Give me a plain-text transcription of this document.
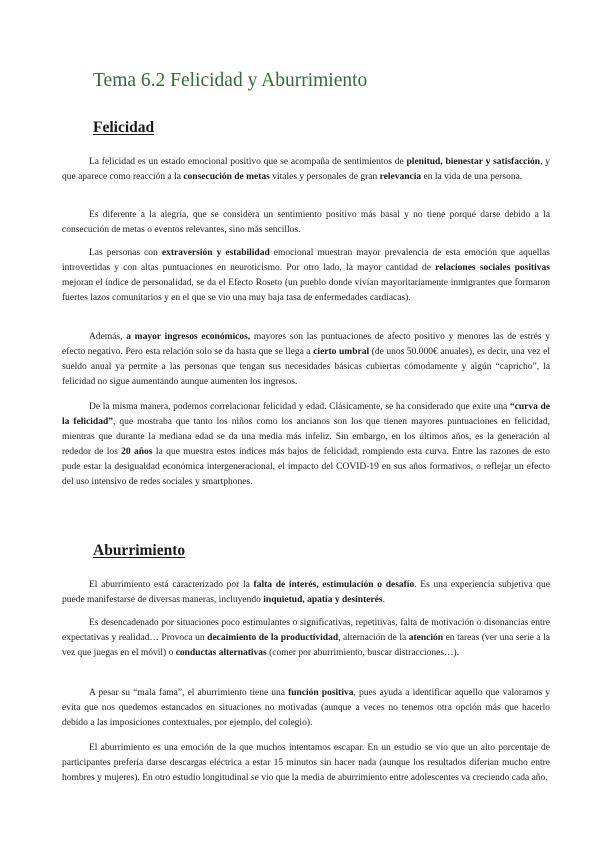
Tema 6.2 Felicidad y Aburrimiento
Felicidad

La felicidad es un estado emocional positivo que se acompaña de sentimientos de plenitud, bienestar y satisfacción, y que aparece como reacción a la consecución de metas vitales y personales de gran relevancia en la vida de una persona.

Es diferente a la alegría, que se considera un sentimiento positivo más basal y no tiene porqué darse debido a la consecución de metas o eventos relevantes, sino más sencillos.

Las personas con extraversión y estabilidad emocional muestran mayor prevalencia de esta emoción que aquellas introvertidas y con altas puntuaciones en neuroticismo. Por otro lado, la mayor cantidad de relaciones sociales positivas mejoran el índice de personalidad, se da el Efecto Roseto (un pueblo donde vivían mayoritariamente inmigrantes que formaron fuertes lazos comunitarios y en el que se vio una muy baja tasa de enfermedades cardíacas).

Además, a mayor ingresos económicos, mayores son las puntuaciones de afecto positivo y menores las de estrés y efecto negativo. Pero esta relación solo se da hasta que se llega a cierto umbral (de unos 50.000€ anuales), es decir, una vez el sueldo anual ya permite a las personas que tengan sus necesidades básicas cubiertas cómodamente y algún “capricho”, la felicidad no sigue aumentando aunque aumenten los ingresos.

De la misma manera, podemos correlacionar felicidad y edad. Clásicamente, se ha considerado que exite una “curva de la felicidad”, que mostraba que tanto los niños como los ancianos son los que tienen mayores puntuaciones en felicidad, mientras que durante la mediana edad se da una media más infeliz. Sin embargo, en los últimos años, es la generación al rededor de los 20 años la que muestra estos índices más bajos de felicidad, rompiendo esta curva. Entre las razones de esto pude estar la desigualdad económica intergeneracional, el impacto del COVID-19 en sus años formativos, o reflejar un efecto del uso intensivo de redes sociales y smartphones.

Aburrimiento

El aburrimiento está caracterizado por la falta de interés, estimulación o desafío. Es una experiencia subjetiva que puede manifestarse de diversas maneras, incluyendo inquietud, apatía y desinterés.

Es desencadenado por situaciones poco estimulantes o significativas, repetitivas, falta de motivación o disonancias entre expectativas y realidad… Provoca un decaimiento de la productividad, alternación de la atención en tareas (ver una serie a la vez que juegas en el móvil) o conductas alternativas (comer por aburrimiento, buscar distracciones…).

A pesar su “mala fama”, el aburrimiento tiene una función positiva, pues ayuda a identificar aquello que valoramos y evita que nos quedemos estancados en situaciones no motivadas (aunque a veces no tenemos otra opción más que hacerlo debido a las imposiciones contextuales, por ejemplo, del colegio).

El aburrimiento es una emoción de la que muchos intentamos escapar. En un estudio se vio que un alto porcentaje de participantes prefería darse descargas eléctrica a estar 15 minutos sin hacer nada (aunque los resultados diferían mucho entre hombres y mujeres). En otro estudio longitudinal se vio que la media de aburrimiento entre adolescentes va creciendo cada año.
